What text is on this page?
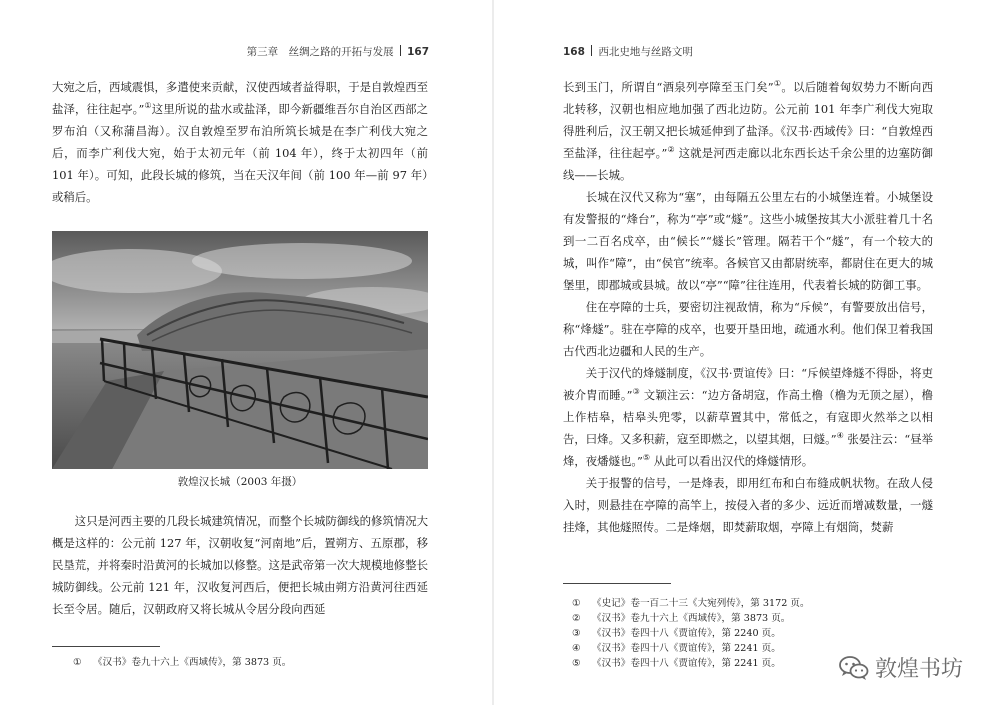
第三章　丝绸之路的开拓与发展 167

大宛之后，西域震惧，多遣使来贡献，汉使西域者益得职，于是自敦煌西至盐泽，往往起亭。”①这里所说的盐水或盐泽，即今新疆维吾尔自治区西部之罗布泊（又称蒲昌海）。汉自敦煌至罗布泊所筑长城是在李广利伐大宛之后，而李广利伐大宛，始于太初元年（前 104 年），终于太初四年（前 101 年）。可知，此段长城的修筑，当在天汉年间（前 100 年—前 97 年）或稍后。

敦煌汉长城（2003 年摄）

这只是河西主要的几段长城建筑情况，而整个长城防御线的修筑情况大概是这样的：公元前 127 年，汉朝收复“河南地”后，置朔方、五原郡，移民垦荒，并将秦时沿黄河的长城加以修整。这是武帝第一次大规模地修整长城防御线。公元前 121 年，汉收复河西后，便把长城由朔方沿黄河往西延长至令居。随后，汉朝政府又将长城从令居分段向西延

① 《汉书》卷九十六上《西域传》，第 3873 页。
168 西北史地与丝路文明

长到玉门，所谓自“酒泉列亭障至玉门矣”①。以后随着匈奴势力不断向西北转移，汉朝也相应地加强了西北边防。公元前 101 年李广利伐大宛取得胜利后，汉王朝又把长城延伸到了盐泽。《汉书·西域传》曰：“自敦煌西至盐泽，往往起亭。”② 这就是河西走廊以北东西长达千余公里的边塞防御线——长城。

长城在汉代又称为“塞”，由每隔五公里左右的小城堡连着。小城堡设有发警报的“烽台”，称为“亭”或“燧”。这些小城堡按其大小派驻着几十名到一二百名戍卒，由“候长”“燧长”管理。隔若干个“燧”，有一个较大的城，叫作“障”，由“侯官”统率。各候官又由都尉统率，都尉住在更大的城堡里，即郡城或县城。故以“亭”“障”往往连用，代表着长城的防御工事。

住在亭障的士兵，要密切注视敌情，称为“斥候”，有警要放出信号，称“烽燧”。驻在亭障的戍卒，也要开垦田地，疏通水利。他们保卫着我国古代西北边疆和人民的生产。

关于汉代的烽燧制度，《汉书·贾谊传》曰：“斥候望烽燧不得卧，将吏被介胄而睡。”③ 文颖注云：“边方备胡寇，作高土橹（橹为无顶之屋），橹上作桔皋，桔皋头兜零，以薪草置其中，常低之，有寇即火然举之以相告，曰烽。又多积薪，寇至即燃之，以望其烟，曰燧。”④ 张晏注云：“昼举烽，夜燔燧也。”⑤ 从此可以看出汉代的烽燧情形。

关于报警的信号，一是烽表，即用红布和白布缝成帆状物。在敌人侵入时，则悬挂在亭障的高竿上，按侵入者的多少、远近而增减数量，一燧挂烽，其他燧照传。二是烽烟，即焚薪取烟，亭障上有烟筒，焚薪

① 《史记》卷一百二十三《大宛列传》，第 3172 页。
② 《汉书》卷九十六上《西域传》，第 3873 页。
③ 《汉书》卷四十八《贾谊传》，第 2240 页。
④ 《汉书》卷四十八《贾谊传》，第 2241 页。
⑤ 《汉书》卷四十八《贾谊传》，第 2241 页。	敦煌书坊
